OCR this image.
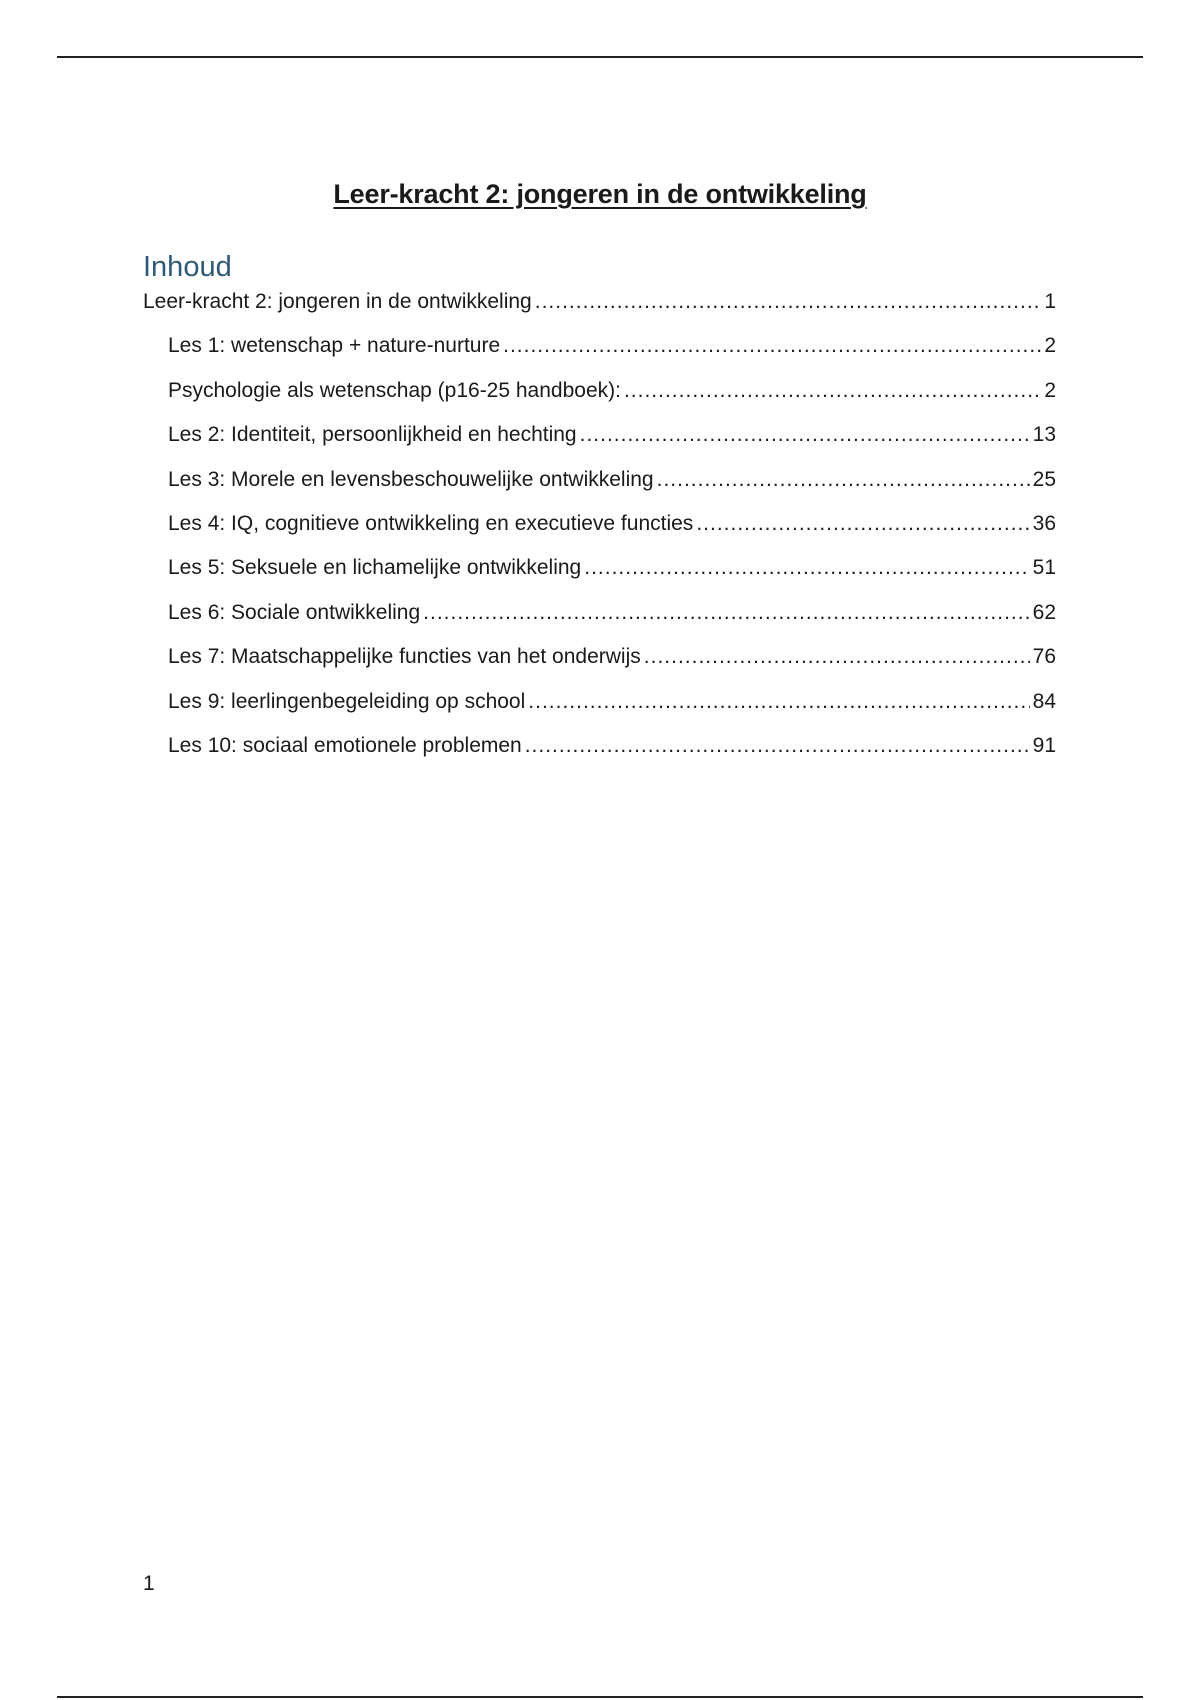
Leer-kracht 2: jongeren in de ontwikkeling
Inhoud
Leer-kracht 2: jongeren in de ontwikkeling .....	1
Les 1: wetenschap + nature-nurture .....	2
Psychologie als wetenschap (p16-25 handboek): .....	2
Les 2: Identiteit, persoonlijkheid en hechting .....	13
Les 3: Morele en levensbeschouwelijke ontwikkeling .....	25
Les 4: IQ, cognitieve ontwikkeling en executieve functies .....	36
Les 5: Seksuele en lichamelijke ontwikkeling .....	51
Les 6: Sociale ontwikkeling .....	62
Les 7: Maatschappelijke functies van het onderwijs .....	76
Les 9: leerlingenbegeleiding op school .....	84
Les 10: sociaal emotionele problemen .....	91
1
